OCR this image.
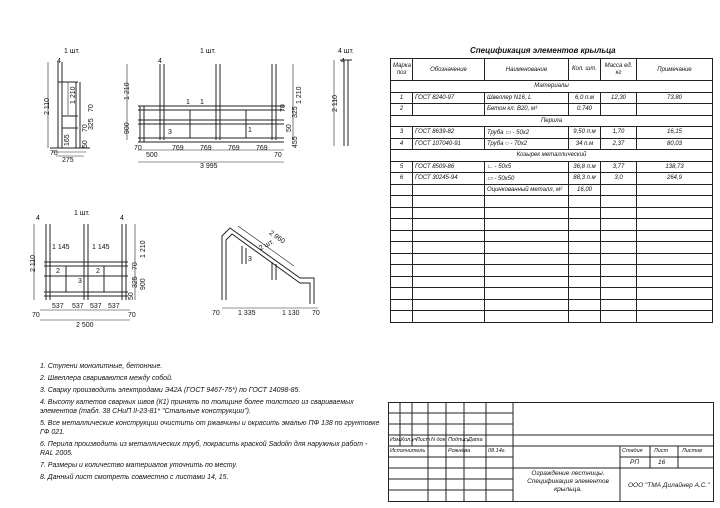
1 шт.	1 шт.	4 шт.
1 шт.
2 шт.
4
1 210
2 110
70
50
325
70
165
275
70
4
1 210
900
70 325
50
455
1 210
70
500
769 769 769 769
3
70
3 995
1
1
1
4
2 110
4	4
1 145	1 145
2 110
1 210
900
70
537 537 537 537
70
50
325
70
2 500
2
3
2
2 960
1 335	1 130
70	70
3
Спецификация элементов крыльца
Марка поз	Обозначение	Наименование	Кол. шт.	Масса ед. кг	Примечание
Материалы					
1	ГОСТ 8240-97	Швеллер N16, L	6,0 п.м	12,30	73,80
2		Бетон кл. В20, м³	0,740		
Перила					
3	ГОСТ 8639-82	Труба ▭ - 50х2	9,50 п.м	1,70	16,15
4	ГОСТ 107040-91	Труба ○ - 70х2	34 п.м	2,37	80,03
Козырек металлический					
5	ГОСТ 8509-86	∟ - 50х5	36,8 п.м	3,77	138,73
6	ГОСТ 30245-94	▭ - 50х50	88,3 п.м	3,0	264,9
		Оцинкованный металл, м²	16,00		

1. Ступени монолитные, бетонные.
2. Швеллера свариваются между собой.
3. Сварку производить электродами Э42А (ГОСТ 9467-75*) по ГОСТ 14098-85.
4. Высоту катетов сварных швов (К1) принять по толщине более толстого из свариваемых элементов (табл. 38 СНиП II-23-81* "Стальные конструкции").
5. Все металлические конструкции очистить от ржавчины и окрасить эмалью ПФ 138 по грунтовке ГФ 021.
6. Перила производить из металлических труб, покрасить краской Sadolin для наружных работ - RAL 2005.
7. Размеры и количество материалов уточнить по месту.
8. Данный лист смотреть совместно с листами 14, 15.
Изм. Кол.уч
Лист N док. Подпись
Дата
Исполнитель	Рожнёва	08.14г.
Ограждение лестницы. Спецификация элементов крыльца.
Стадия Лист	Листов
РП	16
ООО "ТМА Дилайнер А.С."
